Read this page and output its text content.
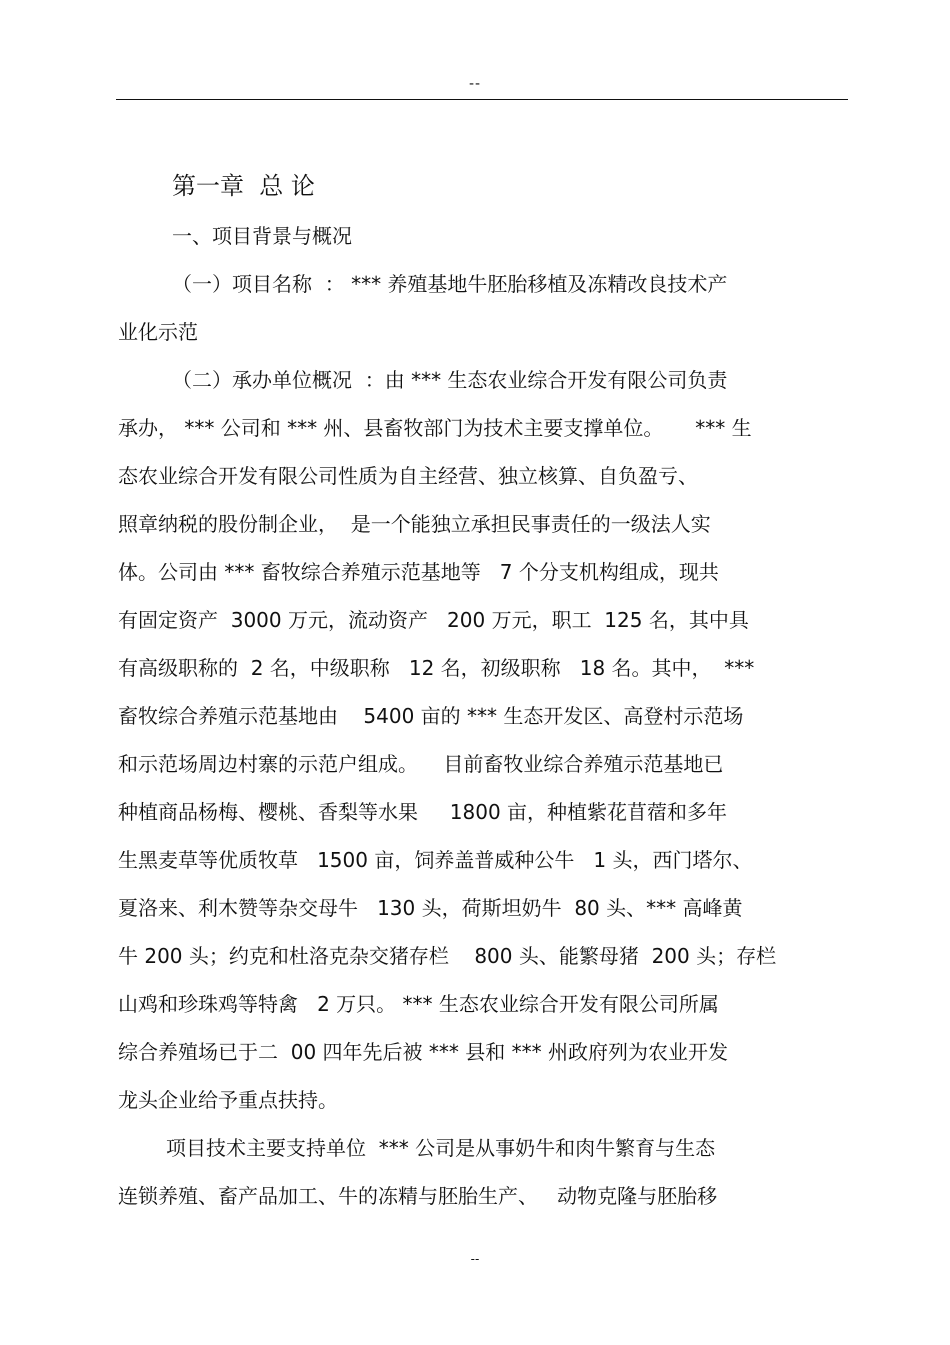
--
第一章  总 论
一、项目背景与概况
（一）项目名称  ： *** 养殖基地牛胚胎移植及冻精改良技术产
业化示范
（二）承办单位概况  ：由 *** 生态农业综合开发有限公司负责
承办， *** 公司和 *** 州、县畜牧部门为技术主要支撑单位。     *** 生
态农业综合开发有限公司性质为自主经营、独立核算、自负盈亏、
照章纳税的股份制企业，  是一个能独立承担民事责任的一级法人实
体。公司由 *** 畜牧综合养殖示范基地等   7 个分支机构组成，现共
有固定资产  3000 万元，流动资产   200 万元，职工  125 名，其中具
有高级职称的  2 名，中级职称   12 名，初级职称   18 名。其中，  ***
畜牧综合养殖示范基地由    5400 亩的 *** 生态开发区、高登村示范场
和示范场周边村寨的示范户组成。    目前畜牧业综合养殖示范基地已
种植商品杨梅、樱桃、香梨等水果     1800 亩，种植紫花苜蓿和多年
生黑麦草等优质牧草   1500 亩，饲养盖普威种公牛   1 头，西门塔尔、
夏洛来、利木赞等杂交母牛   130 头，荷斯坦奶牛  80 头、*** 高峰黄
牛 200 头；约克和杜洛克杂交猪存栏    800 头、能繁母猪  200 头；存栏
山鸡和珍珠鸡等特禽   2 万只。 *** 生态农业综合开发有限公司所属
综合养殖场已于二  00 四年先后被 *** 县和 *** 州政府列为农业开发
龙头企业给予重点扶持。
项目技术主要支持单位  *** 公司是从事奶牛和肉牛繁育与生态
连锁养殖、畜产品加工、牛的冻精与胚胎生产、   动物克隆与胚胎移
--
